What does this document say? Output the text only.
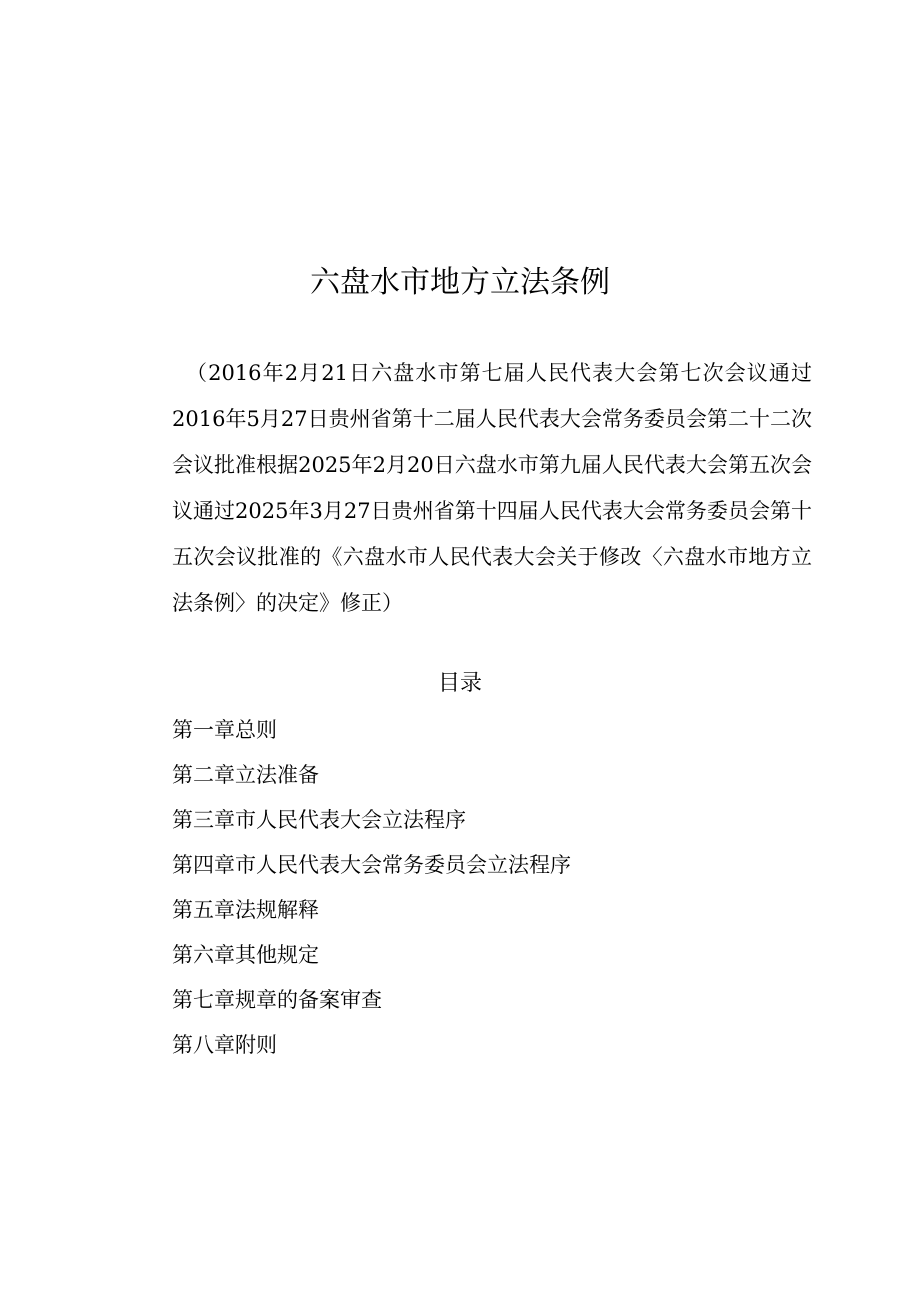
六盘水市地方立法条例
（2016年2月21日六盘水市第七届人民代表大会第七次会议通过2016年5月27日贵州省第十二届人民代表大会常务委员会第二十二次会议批准根据2025年2月20日六盘水市第九届人民代表大会第五次会议通过2025年3月27日贵州省第十四届人民代表大会常务委员会第十五次会议批准的《六盘水市人民代表大会关于修改〈六盘水市地方立法条例〉的决定》修正）
目录
第一章总则
第二章立法准备
第三章市人民代表大会立法程序
第四章市人民代表大会常务委员会立法程序
第五章法规解释
第六章其他规定
第七章规章的备案审查
第八章附则
